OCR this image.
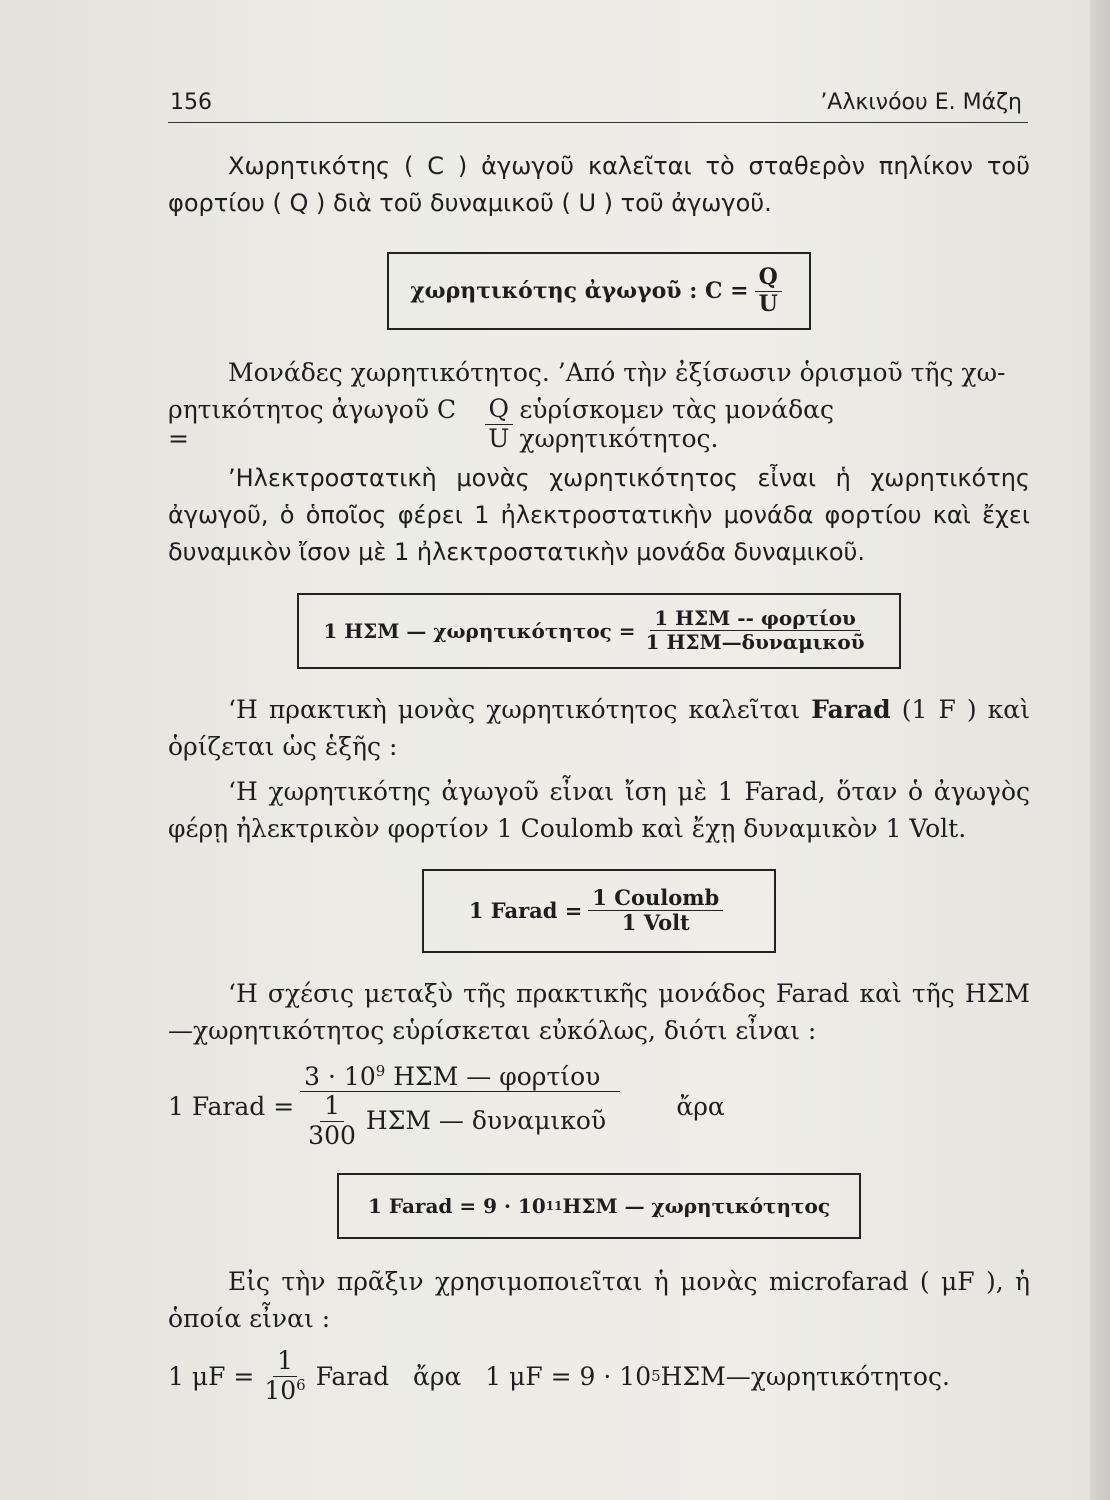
156	’Αλκινόου Ε. Μάζη

Χωρητικότης ( C ) ἀγωγοῦ καλεῖται τὸ σταθερὸν πηλίκον τοῦ φορτίου ( Q ) διὰ τοῦ δυναμικοῦ ( U ) τοῦ ἀγωγοῦ.

χωρητικότης ἀγωγοῦ : $C = \frac{Q}{U}$

Μονάδες χωρητικότητος. ’Από τὴν ἐξίσωσιν ὁρισμοῦ τῆς χω-

ρητικότητος ἀγωγοῦ C =	$\frac{Q}{U}$ εὑρίσκομεν τὰς μονάδας χωρητικότητος.

’Ηλεκτροστατικὴ μονὰς χωρητικότητος εἶναι ἡ χωρητικότης ἀγωγοῦ, ὁ ὁποῖος φέρει 1 ἠλεκτροστατικὴν μονάδα φορτίου καὶ ἔχει δυναμικὸν ἴσον μὲ 1 ἠλεκτροστατικὴν μονάδα δυναμικοῦ.

1 ΗΣΜ — $\chi\omega\rho\eta\tau\iota\kappa ό\tau\eta\tau o\varsigma = \frac{\text{1 ΗΣΜ -- φορτίου}}{\text{1 ΗΣΜ—δυναμικοῦ}}$

‘Η πρακτικὴ μονὰς χωρητικότητος καλεῖται Farad (1 F ) καὶ ὁρίζεται ὡς ἑξῆς :

‘Η χωρητικότης ἀγωγοῦ εἶναι ἴση μὲ 1 Farad, ὅταν ὁ ἀγωγὸς φέρῃ ἠλεκτρικὸν φορτίον 1 Coulomb καὶ ἔχῃ δυναμικὸν 1 Volt.

1 Farad = $\frac{\text{1 Coulomb}}{\text{1 Volt}}$

‘Η σχέσις μεταξὺ τῆς πρακτικῆς μονάδος Farad καὶ τῆς ΗΣΜ—χωρητικότητος εὑρίσκεται εὐκόλως, διότι εἶναι :

1 Farad = $\frac{3 \cdot 10^9 H\Sigma M — \varphi o\rho\tau ίo\upsilon}{\frac{1}{300} H\Sigma M — \delta\upsilon\nu\alpha\mu\iota\kappa oῦ}$ ἄρα
1 Farad = 9 · 10 11 ΗΣΜ — χωρητικότητος

Εἰς τὴν πρᾶξιν χρησιμοποιεῖται ἡ μονὰς microfarad ( μF ), ἡ ὁποία εἶναι :

1 $\mu F = \frac{1}{10^6}$ Farad   ἄρα   1 μF = 9 · 10 5 ΗΣΜ—χωρητικότητος.
